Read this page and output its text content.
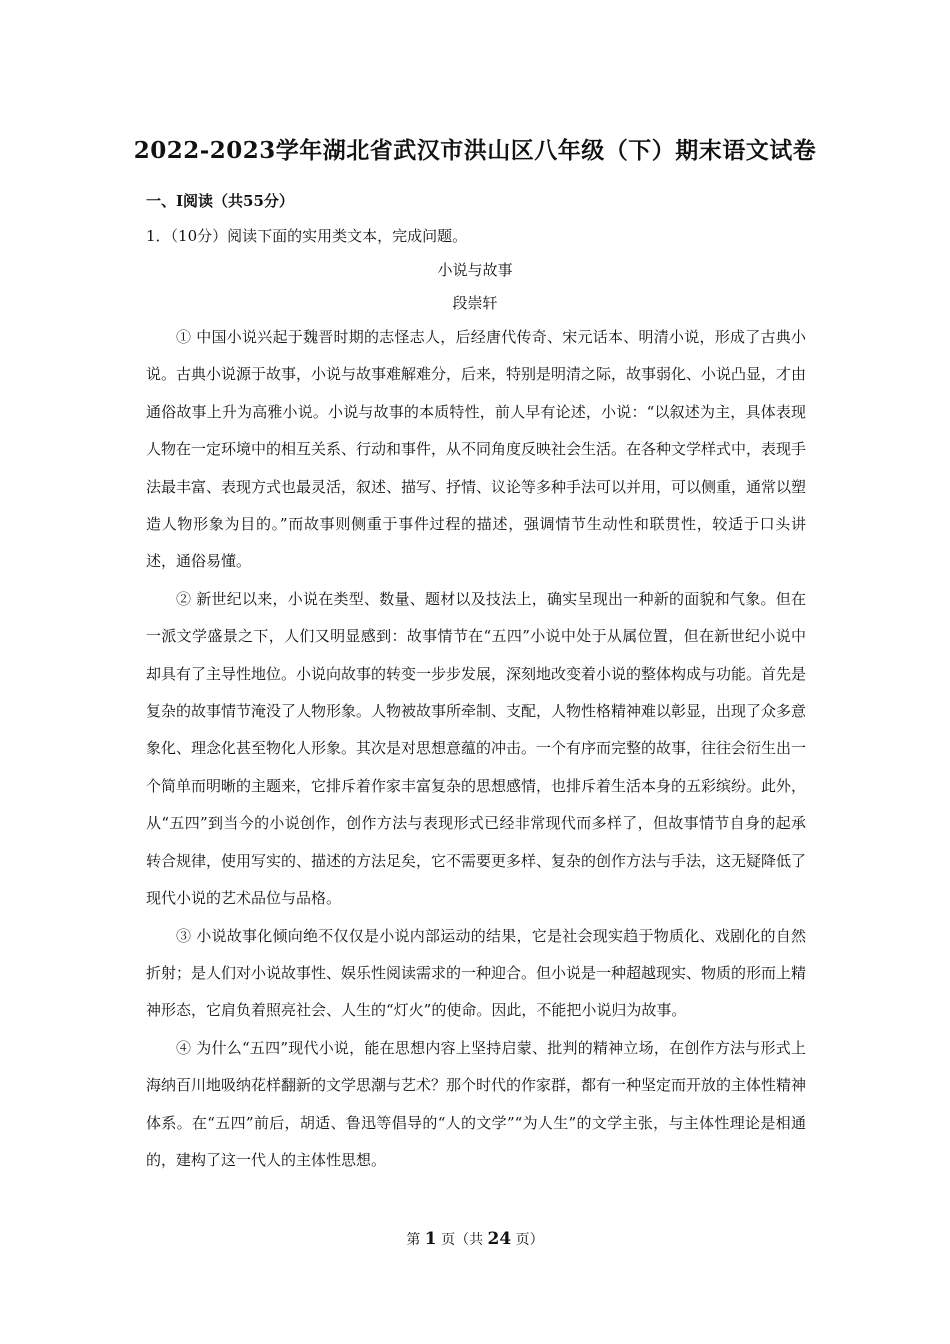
2022-2023学年湖北省武汉市洪山区八年级（下）期末语文试卷
一、I阅读（共55分）
1．（10分）阅读下面的实用类文本，完成问题。
小说与故事
段崇轩

① 中国小说兴起于魏晋时期的志怪志人，后经唐代传奇、宋元话本、明清小说，形成了古典小说。古典小说源于故事，小说与故事难解难分，后来，特别是明清之际，故事弱化、小说凸显，才由通俗故事上升为高雅小说。小说与故事的本质特性，前人早有论述，小说：“以叙述为主，具体表现人物在一定环境中的相互关系、行动和事件，从不同角度反映社会生活。在各种文学样式中，表现手法最丰富、表现方式也最灵活，叙述、描写、抒情、议论等多种手法可以并用，可以侧重，通常以塑造人物形象为目的。”而故事则侧重于事件过程的描述，强调情节生动性和联贯性，较适于口头讲述，通俗易懂。

② 新世纪以来，小说在类型、数量、题材以及技法上，确实呈现出一种新的面貌和气象。但在一派文学盛景之下，人们又明显感到：故事情节在“五四”小说中处于从属位置，但在新世纪小说中却具有了主导性地位。小说向故事的转变一步步发展，深刻地改变着小说的整体构成与功能。首先是复杂的故事情节淹没了人物形象。人物被故事所牵制、支配，人物性格精神难以彰显，出现了众多意象化、理念化甚至物化人形象。其次是对思想意蕴的冲击。一个有序而完整的故事，往往会衍生出一个简单而明晰的主题来，它排斥着作家丰富复杂的思想感情，也排斥着生活本身的五彩缤纷。此外，从“五四”到当今的小说创作，创作方法与表现形式已经非常现代而多样了，但故事情节自身的起承转合规律，使用写实的、描述的方法足矣，它不需要更多样、复杂的创作方法与手法，这无疑降低了现代小说的艺术品位与品格。

③ 小说故事化倾向绝不仅仅是小说内部运动的结果，它是社会现实趋于物质化、戏剧化的自然折射；是人们对小说故事性、娱乐性阅读需求的一种迎合。但小说是一种超越现实、物质的形而上精神形态，它肩负着照亮社会、人生的“灯火”的使命。因此，不能把小说归为故事。

④ 为什么“五四”现代小说，能在思想内容上坚持启蒙、批判的精神立场，在创作方法与形式上海纳百川地吸纳花样翻新的文学思潮与艺术？那个时代的作家群，都有一种坚定而开放的主体性精神体系。在“五四”前后，胡适、鲁迅等倡导的“人的文学”“为人生”的文学主张，与主体性理论是相通的，建构了这一代人的主体性思想。

第 1 页（共 24 页）
